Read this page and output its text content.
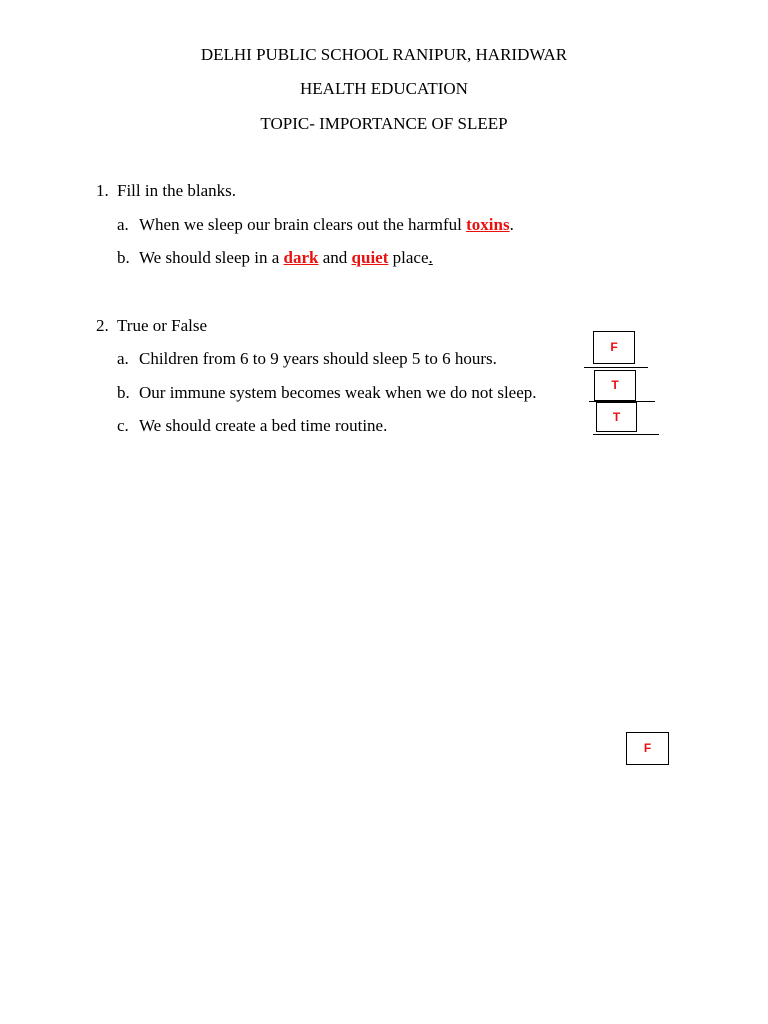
DELHI PUBLIC SCHOOL RANIPUR, HARIDWAR
HEALTH EDUCATION
TOPIC- IMPORTANCE OF SLEEP
1. Fill in the blanks.
a. When we sleep our brain clears out the harmful toxins.
b. We should sleep in a dark and quiet place.
2. True or False
a. Children from 6 to 9 years should sleep 5 to 6 hours.
b. Our immune system becomes weak when we do not sleep.
c. We should create a bed time routine.
F
T
T
F
